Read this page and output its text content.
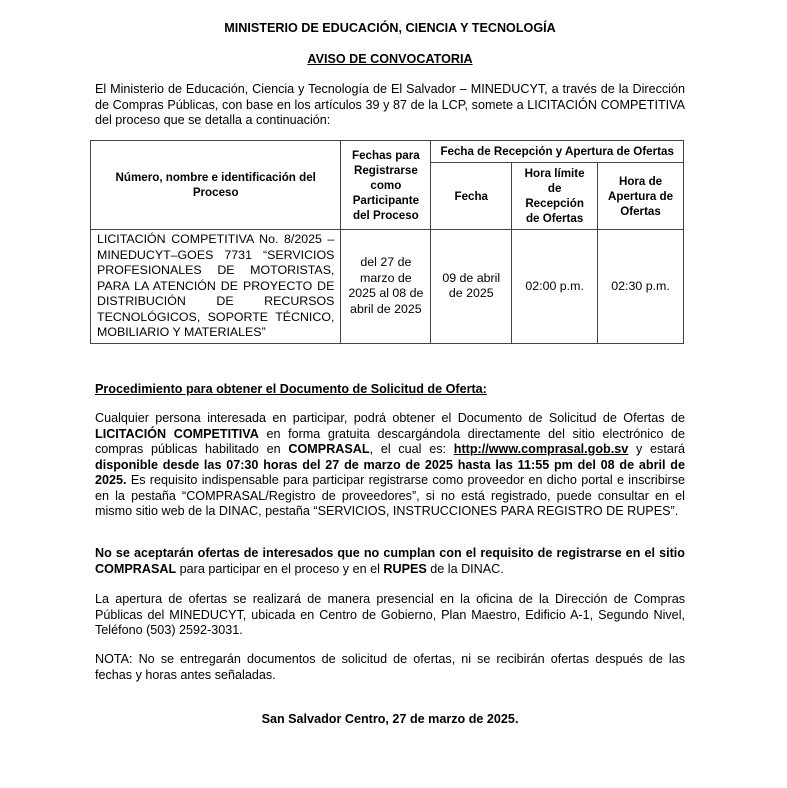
MINISTERIO DE EDUCACIÓN, CIENCIA Y TECNOLOGÍA
AVISO DE CONVOCATORIA
El Ministerio de Educación, Ciencia y Tecnología de El Salvador – MINEDUCYT, a través de la Dirección de Compras Públicas, con base en los artículos 39 y 87 de la LCP, somete a LICITACIÓN COMPETITIVA del proceso que se detalla a continuación:
Número, nombre e identificación del Proceso	Fechas para Registrarse como Participante del Proceso	Fecha de Recepción y Apertura de Ofertas		
		Fecha	Hora límite de Recepción de Ofertas	Hora de Apertura de Ofertas
LICITACIÓN COMPETITIVA No. 8/2025 –MINEDUCYT–GOES 7731 “SERVICIOS PROFESIONALES DE MOTORISTAS, PARA LA ATENCIÓN DE PROYECTO DE DISTRIBUCIÓN DE RECURSOS TECNOLÓGICOS, SOPORTE TÉCNICO, MOBILIARIO Y MATERIALES”	del 27 de marzo de 2025 al 08 de abril de 2025	09 de abril de 2025	02:00 p.m.	02:30 p.m.
Procedimiento para obtener el Documento de Solicitud de Oferta:
Cualquier persona interesada en participar, podrá obtener el Documento de Solicitud de Ofertas de LICITACIÓN COMPETITIVA en forma gratuita descargándola directamente del sitio electrónico de compras públicas habilitado en COMPRASAL, el cual es: http://www.comprasal.gob.sv y estará disponible desde las 07:30 horas del 27 de marzo de 2025 hasta las 11:55 pm del 08 de abril de 2025. Es requisito indispensable para participar registrarse como proveedor en dicho portal e inscribirse en la pestaña “COMPRASAL/Registro de proveedores”, si no está registrado, puede consultar en el mismo sitio web de la DINAC, pestaña “SERVICIOS, INSTRUCCIONES PARA REGISTRO DE RUPES”.
No se aceptarán ofertas de interesados que no cumplan con el requisito de registrarse en el sitio COMPRASAL para participar en el proceso y en el RUPES de la DINAC.
La apertura de ofertas se realizará de manera presencial en la oficina de la Dirección de Compras Públicas del MINEDUCYT, ubicada en Centro de Gobierno, Plan Maestro, Edificio A-1, Segundo Nivel, Teléfono (503) 2592-3031.
NOTA: No se entregarán documentos de solicitud de ofertas, ni se recibirán ofertas después de las fechas y horas antes señaladas.
San Salvador Centro, 27 de marzo de 2025.
